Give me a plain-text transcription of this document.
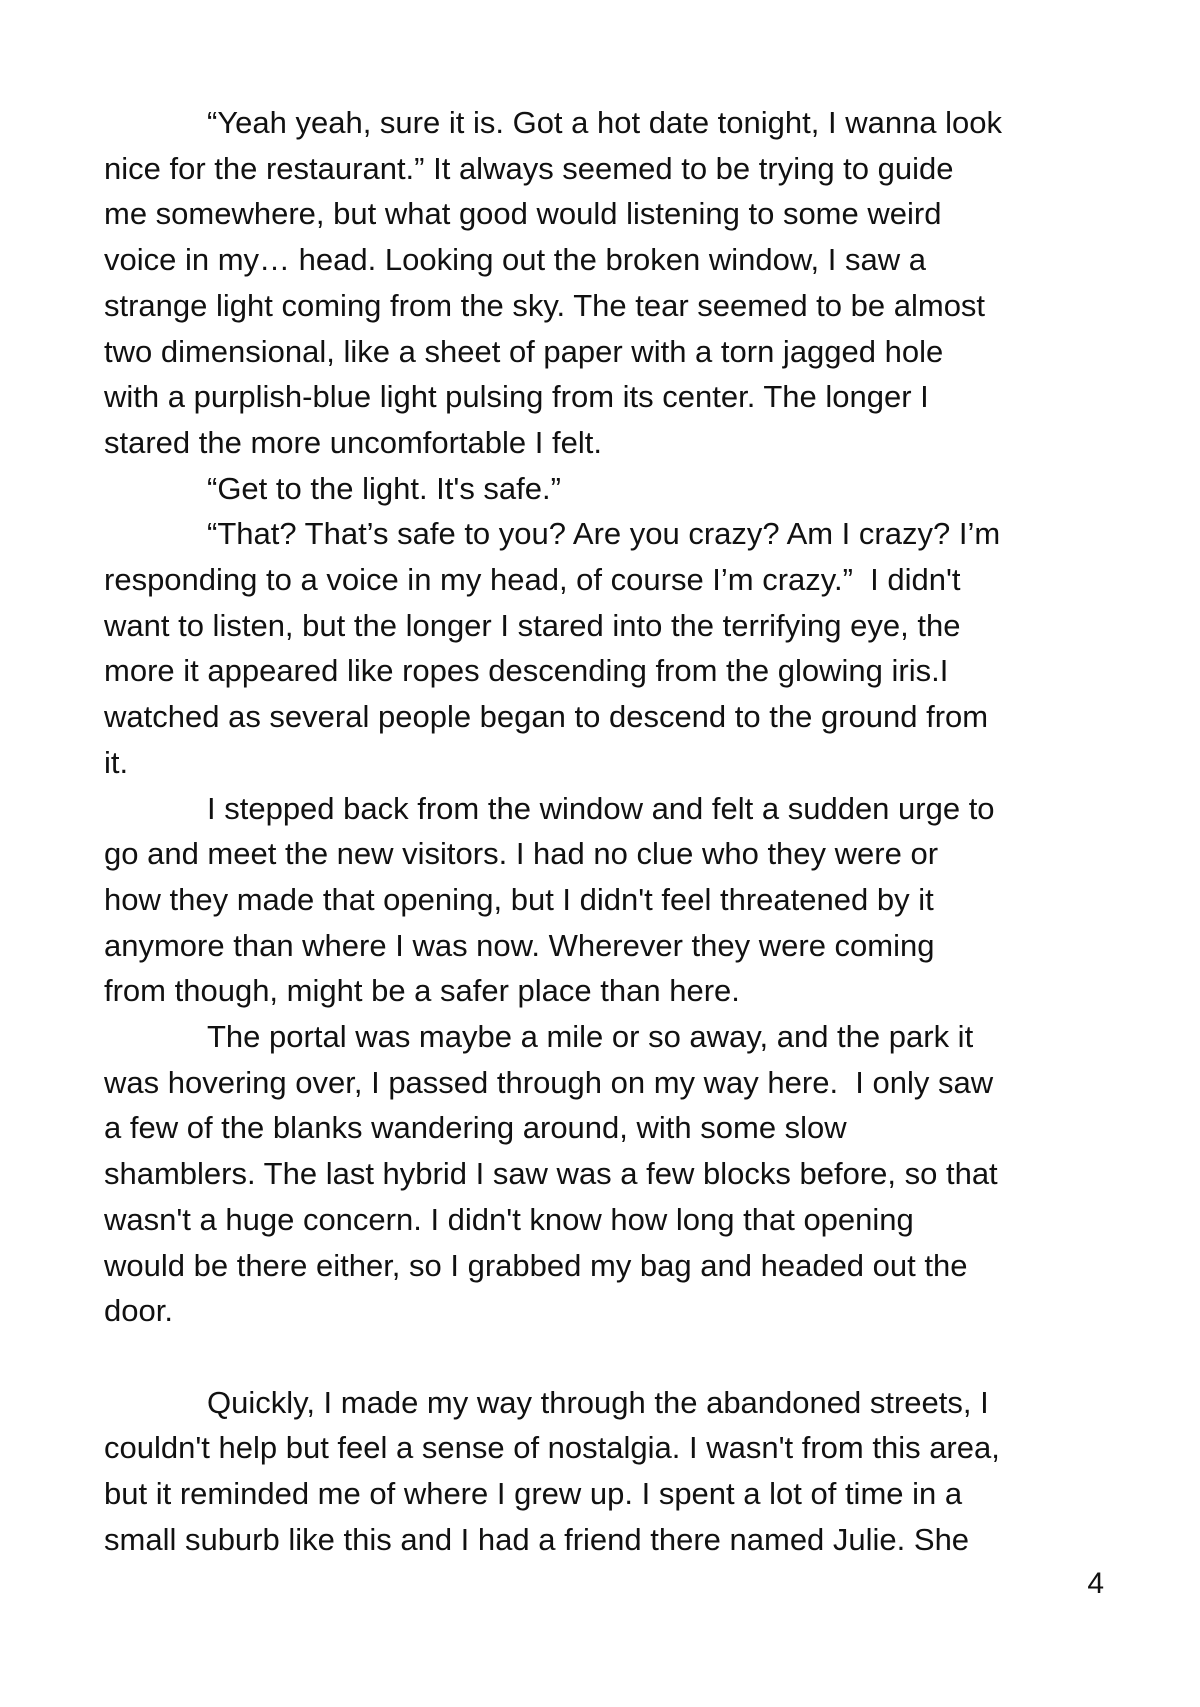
“Yeah yeah, sure it is. Got a hot date tonight, I wanna look
nice for the restaurant.” It always seemed to be trying to guide
me somewhere, but what good would listening to some weird
voice in my… head. Looking out the broken window, I saw a
strange light coming from the sky. The tear seemed to be almost
two dimensional, like a sheet of paper with a torn jagged hole
with a purplish-blue light pulsing from its center. The longer I
stared the more uncomfortable I felt.
“Get to the light. It's safe.”
“That? That’s safe to you? Are you crazy? Am I crazy? I’m
responding to a voice in my head, of course I’m crazy.”  I didn't
want to listen, but the longer I stared into the terrifying eye, the
more it appeared like ropes descending from the glowing iris.I
watched as several people began to descend to the ground from
it.
I stepped back from the window and felt a sudden urge to
go and meet the new visitors. I had no clue who they were or
how they made that opening, but I didn't feel threatened by it
anymore than where I was now. Wherever they were coming
from though, might be a safer place than here.
The portal was maybe a mile or so away, and the park it
was hovering over, I passed through on my way here.  I only saw
a few of the blanks wandering around, with some slow
shamblers. The last hybrid I saw was a few blocks before, so that
wasn't a huge concern. I didn't know how long that opening
would be there either, so I grabbed my bag and headed out the
door.
Quickly, I made my way through the abandoned streets, I
couldn't help but feel a sense of nostalgia. I wasn't from this area,
but it reminded me of where I grew up. I spent a lot of time in a
small suburb like this and I had a friend there named Julie. She
4
